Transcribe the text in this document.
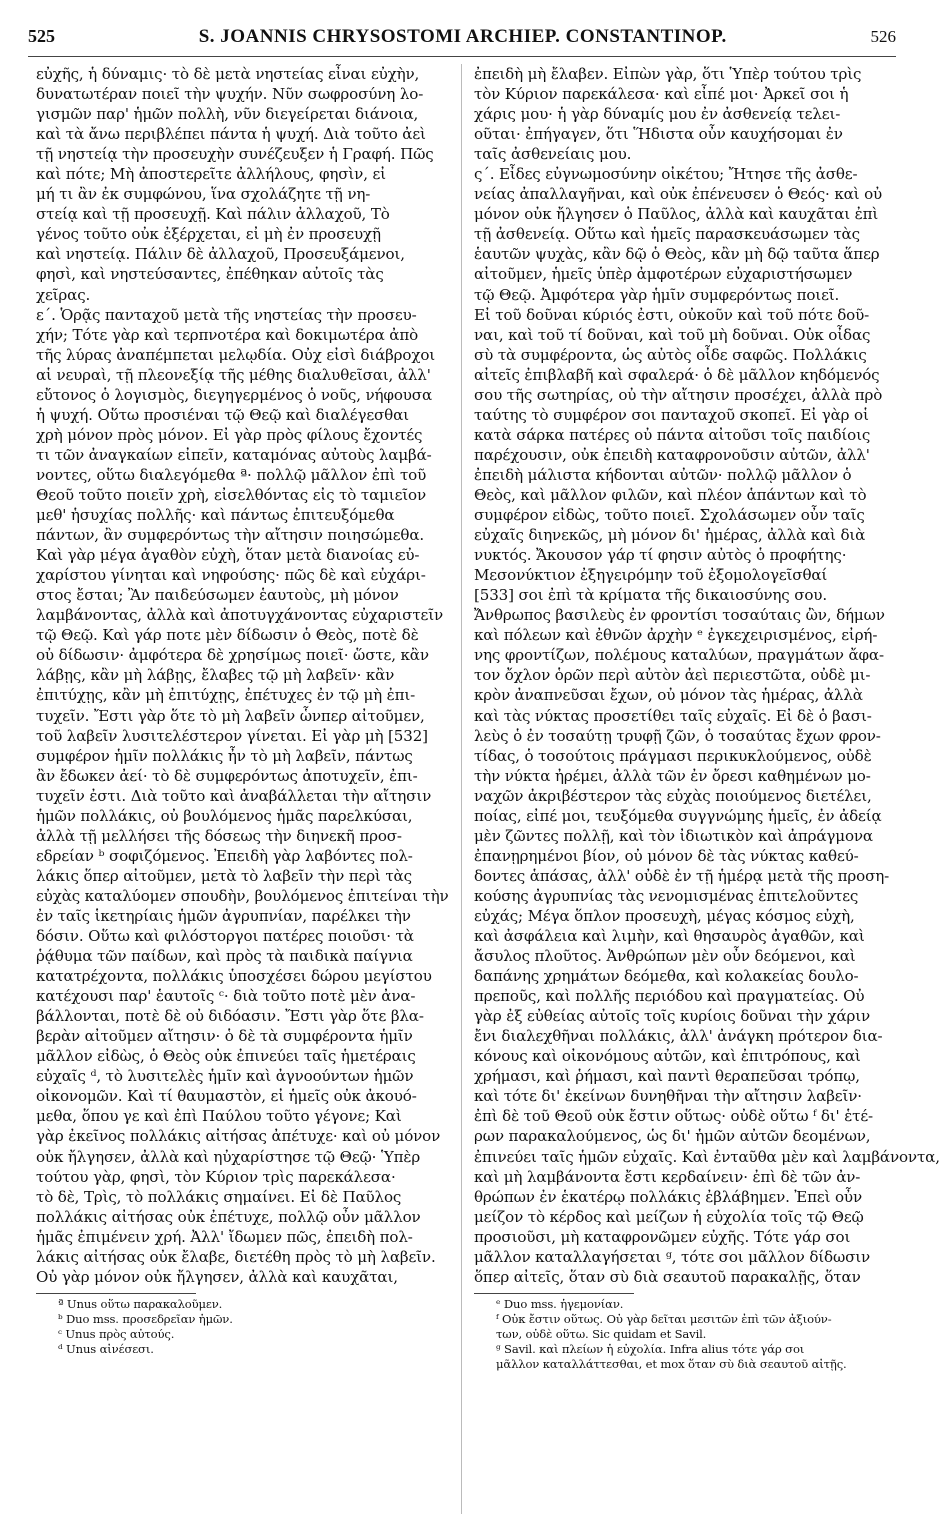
525	S. JOANNIS CHRYSOSTOMI ARCHIEP. CONSTANTINOP.	526
εὐχῆς, ἡ δύναμις· τὸ δὲ μετὰ νηστείας εἶναι εὐχὴν,
δυνατωτέραν ποιεῖ τὴν ψυχήν. Νῦν σωφροσύνη λο-
γισμῶν παρ' ἡμῶν πολλὴ, νῦν διεγείρεται διάνοια,
καὶ τὰ ἄνω περιβλέπει πάντα ἡ ψυχή. Διὰ τοῦτο ἀεὶ
τῇ νηστείᾳ τὴν προσευχὴν συνέζευξεν ἡ Γραφή. Πῶς
καὶ πότε; Μὴ ἀποστερεῖτε ἀλλήλους, φησὶν, εἰ
μή τι ἂν ἐκ συμφώνου, ἵνα σχολάζητε τῇ νη-
στείᾳ καὶ τῇ προσευχῇ. Καὶ πάλιν ἀλλαχοῦ, Τὸ
γένος τοῦτο οὐκ ἐξέρχεται, εἰ μὴ ἐν προσευχῇ
καὶ νηστείᾳ. Πάλιν δὲ ἀλλαχοῦ, Προσευξάμενοι,
φησὶ, καὶ νηστεύσαντες, ἐπέθηκαν αὐτοῖς τὰς
χεῖρας.
ε΄. Ὁρᾷς πανταχοῦ μετὰ τῆς νηστείας τὴν προσευ-
χήν; Τότε γὰρ καὶ τερπνοτέρα καὶ δοκιμωτέρα ἀπὸ
τῆς λύρας ἀναπέμπεται μελῳδία. Οὐχ εἰσὶ διάβροχοι
αἱ νευραὶ, τῇ πλεονεξίᾳ τῆς μέθης διαλυθεῖσαι, ἀλλ'
εὔτονος ὁ λογισμὸς, διεγηγερμένος ὁ νοῦς, νήφουσα
ἡ ψυχή. Οὕτω προσιέναι τῷ Θεῷ καὶ διαλέγεσθαι
χρὴ μόνον πρὸς μόνον. Εἰ γὰρ πρὸς φίλους ἔχοντές
τι τῶν ἀναγκαίων εἰπεῖν, καταμόνας αὐτοὺς λαμβά-
νοντες, οὕτω διαλεγόμεθα ª· πολλῷ μᾶλλον ἐπὶ τοῦ
Θεοῦ τοῦτο ποιεῖν χρὴ, εἰσελθόντας εἰς τὸ ταμιεῖον
μεθ' ἡσυχίας πολλῆς· καὶ πάντως ἐπιτευξόμεθα
πάντων, ἂν συμφερόντως τὴν αἴτησιν ποιησώμεθα.
Καὶ γὰρ μέγα ἀγαθὸν εὐχὴ, ὅταν μετὰ διανοίας εὐ-
χαρίστου γίνηται καὶ νηφούσης· πῶς δὲ καὶ εὐχάρι-
στος ἔσται; Ἂν παιδεύσωμεν ἑαυτοὺς, μὴ μόνον
λαμβάνοντας, ἀλλὰ καὶ ἀποτυγχάνοντας εὐχαριστεῖν
τῷ Θεῷ. Καὶ γάρ ποτε μὲν δίδωσιν ὁ Θεὸς, ποτὲ δὲ
οὐ δίδωσιν· ἀμφότερα δὲ χρησίμως ποιεῖ· ὥστε, κἂν
λάβῃς, κἂν μὴ λάβῃς, ἔλαβες τῷ μὴ λαβεῖν· κἂν
ἐπιτύχῃς, κἂν μὴ ἐπιτύχῃς, ἐπέτυχες ἐν τῷ μὴ ἐπι-
τυχεῖν. Ἔστι γὰρ ὅτε τὸ μὴ λαβεῖν ὧνπερ αἰτοῦμεν,
τοῦ λαβεῖν λυσιτελέστερον γίνεται. Εἰ γὰρ μὴ [532]
συμφέρον ἡμῖν πολλάκις ἦν τὸ μὴ λαβεῖν, πάντως
ἂν ἔδωκεν ἀεί· τὸ δὲ συμφερόντως ἀποτυχεῖν, ἐπι-
τυχεῖν ἐστι. Διὰ τοῦτο καὶ ἀναβάλλεται τὴν αἴτησιν
ἡμῶν πολλάκις, οὐ βουλόμενος ἡμᾶς παρελκύσαι,
ἀλλὰ τῇ μελλήσει τῆς δόσεως τὴν διηνεκῆ προσ-
εδρείαν ᵇ σοφιζόμενος. Ἐπειδὴ γὰρ λαβόντες πολ-
λάκις ὅπερ αἰτοῦμεν, μετὰ τὸ λαβεῖν τὴν περὶ τὰς
εὐχὰς καταλύομεν σπουδὴν, βουλόμενος ἐπιτείναι τὴν
ἐν ταῖς ἱκετηρίαις ἡμῶν ἀγρυπνίαν, παρέλκει τὴν
δόσιν. Οὕτω καὶ φιλόστοργοι πατέρες ποιοῦσι· τὰ
ῥᾴθυμα τῶν παίδων, καὶ πρὸς τὰ παιδικὰ παίγνια
κατατρέχοντα, πολλάκις ὑποσχέσει δώρου μεγίστου
κατέχουσι παρ' ἑαυτοῖς ᶜ· διὰ τοῦτο ποτὲ μὲν ἀνα-
βάλλονται, ποτὲ δὲ οὐ διδόασιν. Ἔστι γὰρ ὅτε βλα-
βερὰν αἰτοῦμεν αἴτησιν· ὁ δὲ τὰ συμφέροντα ἡμῖν
μᾶλλον εἰδὼς, ὁ Θεὸς οὐκ ἐπινεύει ταῖς ἡμετέραις
εὐχαῖς ᵈ, τὸ λυσιτελὲς ἡμῖν καὶ ἀγνοούντων ἡμῶν
οἰκονομῶν. Καὶ τί θαυμαστὸν, εἰ ἡμεῖς οὐκ ἀκουό-
μεθα, ὅπου γε καὶ ἐπὶ Παύλου τοῦτο γέγονε; Καὶ
γὰρ ἐκεῖνος πολλάκις αἰτήσας ἀπέτυχε· καὶ οὐ μόνον
οὐκ ἤλγησεν, ἀλλὰ καὶ ηὐχαρίστησε τῷ Θεῷ· Ὑπὲρ
τούτου γὰρ, φησὶ, τὸν Κύριον τρὶς παρεκάλεσα·
τὸ δὲ, Τρὶς, τὸ πολλάκις σημαίνει. Εἰ δὲ Παῦλος
πολλάκις αἰτήσας οὐκ ἐπέτυχε, πολλῷ οὖν μᾶλλον
ἡμᾶς ἐπιμένειν χρή. Ἀλλ' ἴδωμεν πῶς, ἐπειδὴ πολ-
λάκις αἰτήσας οὐκ ἔλαβε, διετέθη πρὸς τὸ μὴ λαβεῖν.
Οὐ γὰρ μόνον οὐκ ἤλγησεν, ἀλλὰ καὶ καυχᾶται,
ª Unus οὕτω παρακαλοῦμεν.
ᵇ Duo mss. προσεδρεῖαν ἡμῶν.
ᶜ Unus πρὸς αὐτούς.
ᵈ Unus αἰνέσεσι.
ἐπειδὴ μὴ ἔλαβεν. Εἰπὼν γὰρ, ὅτι Ὑπὲρ τούτου τρὶς
τὸν Κύριον παρεκάλεσα· καὶ εἶπέ μοι· Ἀρκεῖ σοι ἡ
χάρις μου· ἡ γὰρ δύναμίς μου ἐν ἀσθενείᾳ τελει-
οῦται· ἐπήγαγεν, ὅτι Ἥδιστα οὖν καυχήσομαι ἐν
ταῖς ἀσθενείαις μου.
ς΄. Εἶδες εὐγνωμοσύνην οἰκέτου; Ἤτησε τῆς ἀσθε-
νείας ἀπαλλαγῆναι, καὶ οὐκ ἐπένευσεν ὁ Θεός· καὶ οὐ
μόνον οὐκ ἤλγησεν ὁ Παῦλος, ἀλλὰ καὶ καυχᾶται ἐπὶ
τῇ ἀσθενείᾳ. Οὕτω καὶ ἡμεῖς παρασκευάσωμεν τὰς
ἑαυτῶν ψυχὰς, κἂν δῷ ὁ Θεὸς, κἂν μὴ δῷ ταῦτα ἅπερ
αἰτοῦμεν, ἡμεῖς ὑπὲρ ἀμφοτέρων εὐχαριστήσωμεν
τῷ Θεῷ. Ἀμφότερα γὰρ ἡμῖν συμφερόντως ποιεῖ.
Εἰ τοῦ δοῦναι κύριός ἐστι, οὐκοῦν καὶ τοῦ πότε δοῦ-
ναι, καὶ τοῦ τί δοῦναι, καὶ τοῦ μὴ δοῦναι. Οὐκ οἶδας
σὺ τὰ συμφέροντα, ὡς αὐτὸς οἶδε σαφῶς. Πολλάκις
αἰτεῖς ἐπιβλαβῆ καὶ σφαλερά· ὁ δὲ μᾶλλον κηδόμενός
σου τῆς σωτηρίας, οὐ τὴν αἴτησιν προσέχει, ἀλλὰ πρὸ
ταύτης τὸ συμφέρον σοι πανταχοῦ σκοπεῖ. Εἰ γὰρ οἱ
κατὰ σάρκα πατέρες οὐ πάντα αἰτοῦσι τοῖς παιδίοις
παρέχουσιν, οὐκ ἐπειδὴ καταφρονοῦσιν αὐτῶν, ἀλλ'
ἐπειδὴ μάλιστα κήδονται αὐτῶν· πολλῷ μᾶλλον ὁ
Θεὸς, καὶ μᾶλλον φιλῶν, καὶ πλέον ἁπάντων καὶ τὸ
συμφέρον εἰδὼς, τοῦτο ποιεῖ. Σχολάσωμεν οὖν ταῖς
εὐχαῖς διηνεκῶς, μὴ μόνον δι' ἡμέρας, ἀλλὰ καὶ διὰ
νυκτός. Ἄκουσον γάρ τί φησιν αὐτὸς ὁ προφήτης·
Μεσονύκτιον ἐξηγειρόμην τοῦ ἐξομολογεῖσθαί
[533] σοι ἐπὶ τὰ κρίματα τῆς δικαιοσύνης σου.
Ἄνθρωπος βασιλεὺς ἐν φροντίσι τοσαύταις ὢν, δήμων
καὶ πόλεων καὶ ἐθνῶν ἀρχὴν ᵉ ἐγκεχειρισμένος, εἰρή-
νης φροντίζων, πολέμους καταλύων, πραγμάτων ἄφα-
τον ὄχλον ὁρῶν περὶ αὐτὸν ἀεὶ περιεστῶτα, οὐδὲ μι-
κρὸν ἀναπνεῦσαι ἔχων, οὐ μόνον τὰς ἡμέρας, ἀλλὰ
καὶ τὰς νύκτας προσετίθει ταῖς εὐχαῖς. Εἰ δὲ ὁ βασι-
λεὺς ὁ ἐν τοσαύτῃ τρυφῇ ζῶν, ὁ τοσαύτας ἔχων φρον-
τίδας, ὁ τοσούτοις πράγμασι περικυκλούμενος, οὐδὲ
τὴν νύκτα ἠρέμει, ἀλλὰ τῶν ἐν ὄρεσι καθημένων μο-
ναχῶν ἀκριβέστερον τὰς εὐχὰς ποιούμενος διετέλει,
ποίας, εἰπέ μοι, τευξόμεθα συγγνώμης ἡμεῖς, ἐν ἀδείᾳ
μὲν ζῶντες πολλῇ, καὶ τὸν ἰδιωτικὸν καὶ ἀπράγμονα
ἐπανῃρημένοι βίον, οὐ μόνον δὲ τὰς νύκτας καθεύ-
δοντες ἁπάσας, ἀλλ' οὐδὲ ἐν τῇ ἡμέρᾳ μετὰ τῆς προση-
κούσης ἀγρυπνίας τὰς νενομισμένας ἐπιτελοῦντες
εὐχάς; Μέγα ὅπλον προσευχὴ, μέγας κόσμος εὐχὴ,
καὶ ἀσφάλεια καὶ λιμὴν, καὶ θησαυρὸς ἀγαθῶν, καὶ
ἄσυλος πλοῦτος. Ἀνθρώπων μὲν οὖν δεόμενοι, καὶ
δαπάνης χρημάτων δεόμεθα, καὶ κολακείας δουλο-
πρεποῦς, καὶ πολλῆς περιόδου καὶ πραγματείας. Οὐ
γὰρ ἐξ εὐθείας αὐτοῖς τοῖς κυρίοις δοῦναι τὴν χάριν
ἔνι διαλεχθῆναι πολλάκις, ἀλλ' ἀνάγκη πρότερον δια-
κόνους καὶ οἰκονόμους αὐτῶν, καὶ ἐπιτρόπους, καὶ
χρήμασι, καὶ ῥήμασι, καὶ παντὶ θεραπεῦσαι τρόπῳ,
καὶ τότε δι' ἐκείνων δυνηθῆναι τὴν αἴτησιν λαβεῖν·
ἐπὶ δὲ τοῦ Θεοῦ οὐκ ἔστιν οὕτως· οὐδὲ οὕτω ᶠ δι' ἑτέ-
ρων παρακαλούμενος, ὡς δι' ἡμῶν αὐτῶν δεομένων,
ἐπινεύει ταῖς ἡμῶν εὐχαῖς. Καὶ ἐνταῦθα μὲν καὶ λαμβάνοντα,
καὶ μὴ λαμβάνοντα ἔστι κερδαίνειν· ἐπὶ δὲ τῶν ἀν-
θρώπων ἐν ἑκατέρῳ πολλάκις ἐβλάβημεν. Ἐπεὶ οὖν
μείζον τὸ κέρδος καὶ μείζων ἡ εὐχολία τοῖς τῷ Θεῷ
προσιοῦσι, μὴ καταφρονῶμεν εὐχῆς. Τότε γάρ σοι
μᾶλλον καταλλαγήσεται ᵍ, τότε σοι μᾶλλον δίδωσιν
ὅπερ αἰτεῖς, ὅταν σὺ διὰ σεαυτοῦ παρακαλῇς, ὅταν
ᵉ Duo mss. ἡγεμονίαν.
ᶠ Οὐκ ἔστιν οὕτως. Οὐ γὰρ δεῖται μεσιτῶν ἐπὶ τῶν ἀξιούν-
των, οὐδὲ οὕτω. Sic quidam et Savil.
ᵍ Savil. καὶ πλείων ἡ εὐχολία. Infra alius τότε γάρ σοι
μᾶλλον καταλλάττεσθαι, et mox ὅταν σὺ διὰ σεαυτοῦ αἰτῇς.
